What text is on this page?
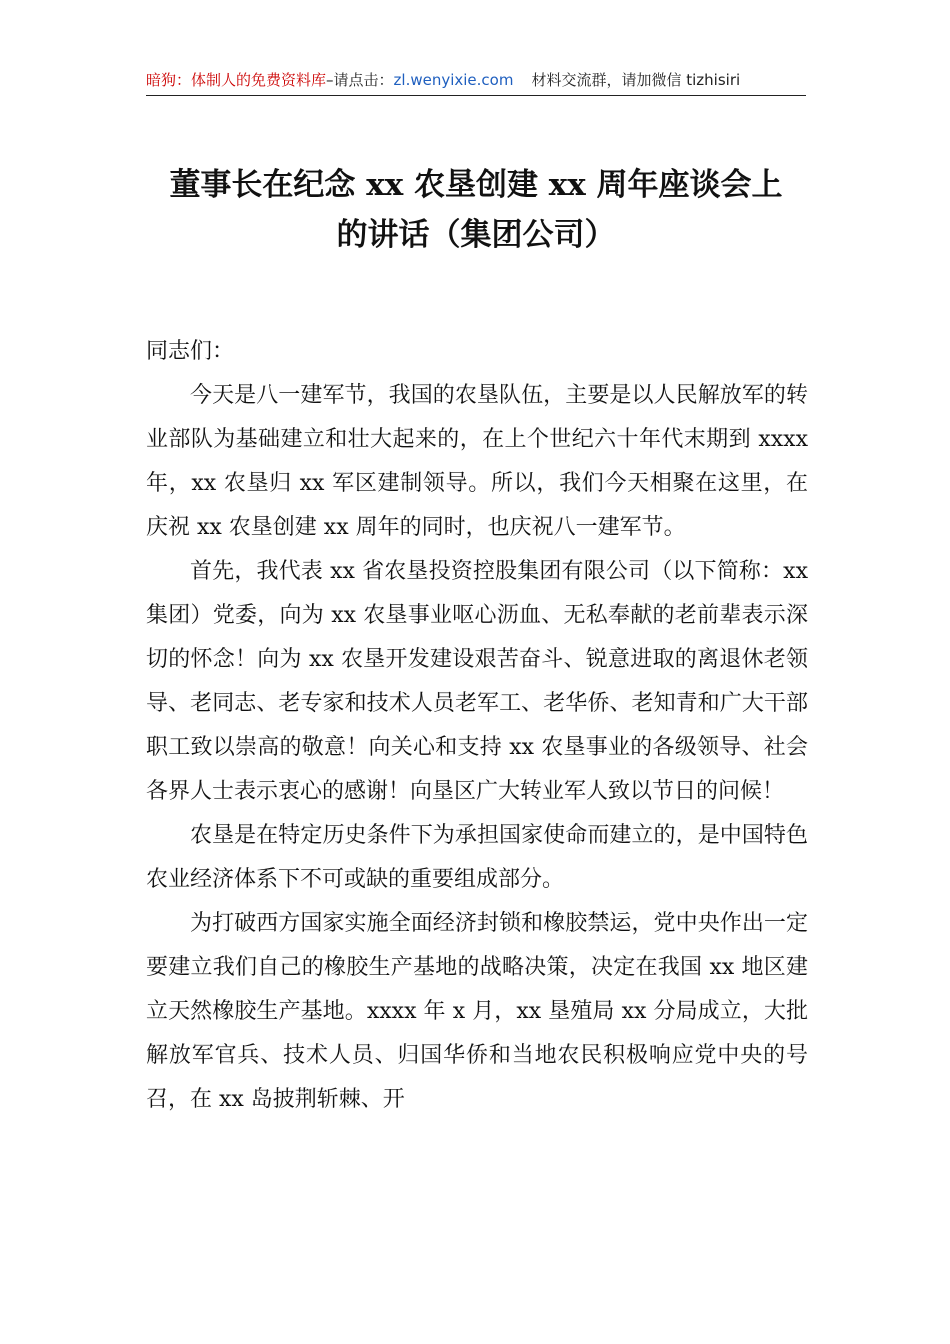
暗狗：体制人的免费资料库–请点击：zl.wenyixie.com 材料交流群，请加微信 tizhisiri
董事长在纪念 xx 农垦创建 xx 周年座谈会上
的讲话（集团公司）

同志们：

今天是八一建军节，我国的农垦队伍，主要是以人民解放军的转业部队为基础建立和壮大起来的，在上个世纪六十年代末期到 xxxx 年，xx 农垦归 xx 军区建制领导。所以，我们今天相聚在这里，在庆祝 xx 农垦创建 xx 周年的同时，也庆祝八一建军节。

首先，我代表 xx 省农垦投资控股集团有限公司（以下简称：xx 集团）党委，向为 xx 农垦事业呕心沥血、无私奉献的老前辈表示深切的怀念！向为 xx 农垦开发建设艰苦奋斗、锐意进取的离退休老领导、老同志、老专家和技术人员老军工、老华侨、老知青和广大干部职工致以崇高的敬意！向关心和支持 xx 农垦事业的各级领导、社会各界人士表示衷心的感谢！向垦区广大转业军人致以节日的问候！

农垦是在特定历史条件下为承担国家使命而建立的，是中国特色农业经济体系下不可或缺的重要组成部分。

为打破西方国家实施全面经济封锁和橡胶禁运，党中央作出一定要建立我们自己的橡胶生产基地的战略决策，决定在我国 xx 地区建立天然橡胶生产基地。xxxx 年 x 月，xx 垦殖局 xx 分局成立，大批解放军官兵、技术人员、归国华侨和当地农民积极响应党中央的号召，在 xx 岛披荆斩棘、开
